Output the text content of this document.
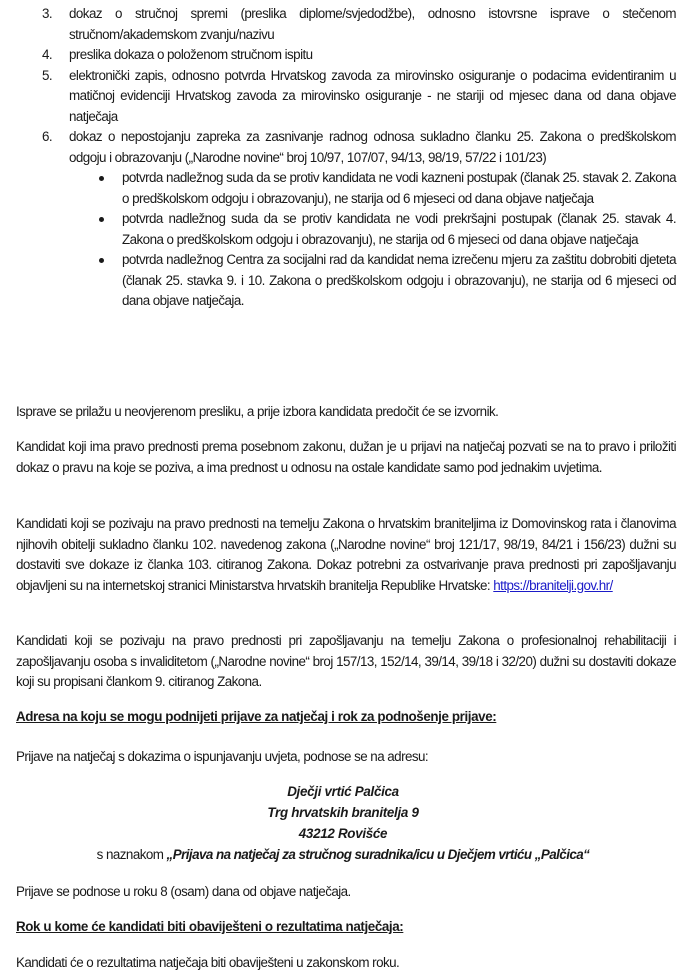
3. dokaz o stručnoj spremi (preslika diplome/svjedodžbe), odnosno istovrsne isprave o stečenom stručnom/akademskom zvanju/nazivu
4. preslika dokaza o položenom stručnom ispitu
5. elektronički zapis, odnosno potvrda Hrvatskog zavoda za mirovinsko osiguranje o podacima evidentiranim u matičnoj evidenciji Hrvatskog zavoda za mirovinsko osiguranje - ne stariji od mjesec dana od dana objave natječaja
6. dokaz o nepostojanju zapreka za zasnivanje radnog odnosa sukladno članku 25. Zakona o predškolskom odgoju i obrazovanju („Narodne novine“ broj 10/97, 107/07, 94/13, 98/19, 57/22 i 101/23)
potvrda nadležnog suda da se protiv kandidata ne vodi kazneni postupak (članak 25. stavak 2. Zakona o predškolskom odgoju i obrazovanju), ne starija od 6 mjeseci od dana objave natječaja
potvrda nadležnog suda da se protiv kandidata ne vodi prekršajni postupak (članak 25. stavak 4. Zakona o predškolskom odgoju i obrazovanju), ne starija od 6 mjeseci od dana objave natječaja
potvrda nadležnog Centra za socijalni rad da kandidat nema izrečenu mjeru za zaštitu dobrobiti djeteta (članak 25. stavka 9. i 10. Zakona o predškolskom odgoju i obrazovanju), ne starija od 6 mjeseci od dana objave natječaja.

Isprave se prilažu u neovjerenom presliku, a prije izbora kandidata predočit će se izvornik.

Kandidat koji ima pravo prednosti prema posebnom zakonu, dužan je u prijavi na natječaj pozvati se na to pravo i priložiti dokaz o pravu na koje se poziva, a ima prednost u odnosu na ostale kandidate samo pod jednakim uvjetima.

Kandidati koji se pozivaju na pravo prednosti na temelju Zakona o hrvatskim braniteljima iz Domovinskog rata i članovima njihovih obitelji sukladno članku 102. navedenog zakona („Narodne novine“ broj 121/17, 98/19, 84/21 i 156/23) dužni su dostaviti sve dokaze iz članka 103. citiranog Zakona. Dokaz potrebni za ostvarivanje prava prednosti pri zapošljavanju objavljeni su na internetskoj stranici Ministarstva hrvatskih branitelja Republike Hrvatske: https://branitelji.gov.hr/

Kandidati koji se pozivaju na pravo prednosti pri zapošljavanju na temelju Zakona o profesionalnoj rehabilitaciji i zapošljavanju osoba s invaliditetom („Narodne novine“ broj 157/13, 152/14, 39/14, 39/18 i 32/20) dužni su dostaviti dokaze koji su propisani člankom 9. citiranog Zakona.

Adresa na koju se mogu podnijeti prijave za natječaj i rok za podnošenje prijave:

Prijave na natječaj s dokazima o ispunjavanju uvjeta, podnose se na adresu:

Dječji vrtić Palčica
Trg hrvatskih branitelja 9
43212 Rovišće
s naznakom „Prijava na natječaj za stručnog suradnika/icu u Dječjem vrtiću „Palčica“

Prijave se podnose u roku 8 (osam) dana od objave natječaja.

Rok u kome će kandidati biti obaviješteni o rezultatima natječaja:

Kandidati će o rezultatima natječaja biti obaviješteni u zakonskom roku.
